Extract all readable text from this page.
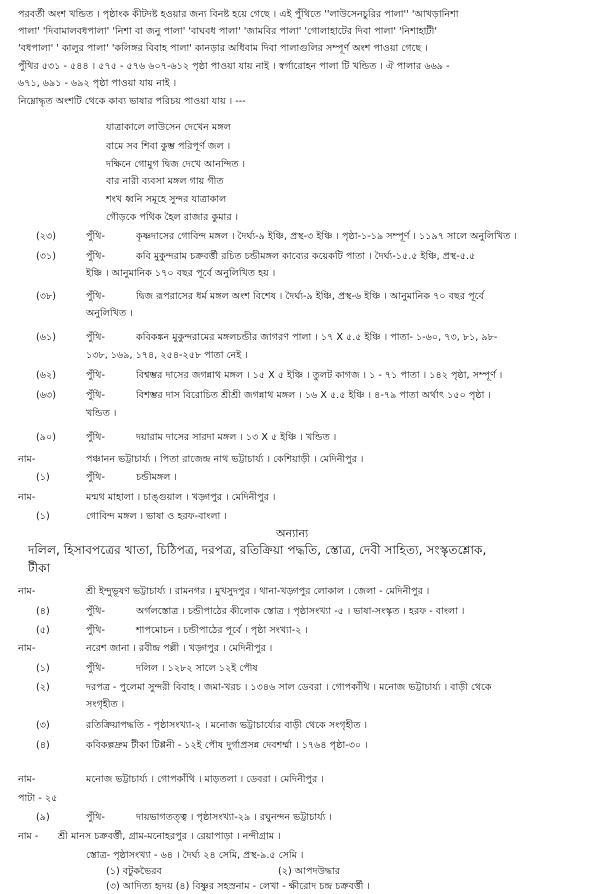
পরবর্তী অংশ খন্ডিত । পৃষ্ঠাংক কীটদষ্ট হওয়ার জন্য বিনষ্ট হয়ে গেছে । এই পুঁথিতে ''লাউসেনচুরির পালা'' 'আখড়ানিশা
পালা' 'দিবামালবধপালা' 'নিশা বা জনু পালা' 'বাঘবধ পালা' 'জামবির পালা' 'গোলাহাটের দিবা পালা' 'নিশাহাট়ী'
'বধপালা' ' কালুর পালা' 'কলিঙ্গর বিবাহ পালা' কানড়ার অধিবাম দিবা পালাগুলির সম্পূর্ণ অংশ পাওয়া গেছে ।
পুঁথির ৫৩১ - ৫৪৪ । ৫৭৫ - ৫৭৬ ৬০৭-৬১২ পৃষ্ঠা পাওয়া যায় নাই । স্বর্গারোহন পালা টি খন্ডিত । ঐ পালার ৬৬৯ -
৬৭১, ৬৯১ - ৬৯২ পৃষ্ঠা পাওয়া যায় নাই ।
নিম্নোদ্ধৃত অংশটি থেকে কাব্য ভাষার পরিচয় পাওয়া যায় । ---
যাত্রাকালে লাউসেন দেখেন মঙ্গল
বামে সব শিবা কুম্ভ পরিপূর্ণ জল ।
দক্ষিনে গোমুগ দ্বিজ দেখে আনন্দিত ।
বার নারী ব্যবসা মঙ্গল গায় গীত
শংখ ধ্বনি সমূহে সুন্দর যাত্রাকাল
গৌড়কে পথিক হৈল রাজার কুমার ।
(২৩)	পুঁথি-	কৃষ্ণদাসের গোবিন্দ মঙ্গল । দৈর্ঘ্য-৯ ইঞ্চি, প্রস্থ-৩ ইঞ্চি । পৃষ্ঠা-১-১৯ সম্পূর্ণ । ১১৯৭ সালে অনুলিখিত ।
(৩১)	পুঁথি-	কবি মুকুন্দরাম চক্রবর্ত্তী রচিত চন্ডীমঙ্গল কাব্যের কয়েকটি পাতা । দৈর্ঘ্য-১৫.৫ ইঞ্চি, প্রস্থ-৫.৫
ইঞ্চি । আনুমানিক ১৭০ বছর পূর্বে অনুলিখিত হয় ।
(৩৮)	পুঁথি-	দ্বিজ রূপরাসের ধর্ম মঙ্গল অংশ বিশেষ । দৈর্ঘ্য-৯ ইঞ্চি, প্রস্থ-৬ ইঞ্চি । আনুমানিক ৭০ বছর পূর্বে
অনুলিখিত ।
(৬১)	পুঁথি-	কবিকঙ্কন মুকুন্দরামের মঙ্গলচন্ডীর জাগরণ পালা । ১৭ X ৫.৫ ইঞ্চি । পাতা- ১-৬০, ৭৩, ৮১, ৯৮-
১৩৮, ১৬৯, ১৭৪, ২৫৪-২৫৮ পাতা নেই ।
(৬২)	পুঁথি-	বিশ্বম্ভর দাসের জগন্নাথ মঙ্গল । ১৫ X ৫ ইঞ্চি । তুলট কাগজ । ১ - ৭১ পাতা । ১৪২ পৃষ্ঠা, সম্পূর্ণ ।
(৬৩)	পুঁথি-	বিশম্ভর দাস বিরোচিত শ্রীশ্রী জগন্নাথ মঙ্গল । ১৬ X ৫.৫ ইঞ্চি । ৪-৭৯ পাতা অর্থাৎ ১৫০ পৃষ্ঠা ।
খন্ডিত ।
(৯০)	পুঁথি-	দয়ারাম দাসের সারদা মঙ্গল । ১৩ X ৫ ইঞ্চি । খন্ডিত ।
নাম-	পঞ্চানন ভট্টাচার্য্য । পিতা রাজেন্দ্র নাথ ভট্টাচার্য্য । কেশিয়াড়ী । মেদিনীপুর ।
(১)	পুঁথি-	চন্ডীমঙ্গল ।
নাম-	মন্মথ মাহালা । চাঙ্গুয়াল । খড়্গপুর । মেদিনীপুর ।
(১)	গোবিন্দ মঙ্গল । ভাষা ও হরফ-বাংলা ।
অন্যান্য
দলিল, হিসাবপত্রের খাতা, চিঠিপত্র, দরপত্র, রতিক্রিয়া পদ্ধতি, স্তোত্র, দেবী সাহিত্য, সংস্কৃতশ্লোক,
টীকা
নাম-	শ্রী ইন্দুভূষণ ভট্টাচার্য্য । রামনগর । মুখসুদপুর । থানা-খড়্গপুর লোকাল । জেলা - মেদিনীপুর ।
(৪)	পুঁথি-	অর্গলস্তোত্র । চন্ডীপাঠের কীলোক স্তোত্র । পৃষ্ঠাসংখ্যা -৫ । ভাষা-সংস্কৃত । হরফ - বাংলা ।
(৫)	পুঁথি-	শাপমোচন । চন্ডীপাঠের পূর্বে । পৃষ্ঠা সংখ্যা-২ ।
নাম-	নরেশ জানা । রবীন্দ্র পল্লী । খড়্গপুর । মেদিনীপুর ।
(১)	পুঁথি-	দলিল । ১২৮২ সালে ১২ই পৌষ
(২)	দরপত্র - পুলেমা সুন্দরী বিবাহ । জমা-খরচ । ১৩৪৬ সাল ডেবরা । গোপকাঁথি । মনোজ ভট্টাচার্য্য । বাড়ী থেকে
সংগৃহীত ।
(৩)	রতিক্রিয়াপদ্ধতি - পৃষ্ঠাসংখ্যা-২ । মনোজ ভট্টাচার্য্যের বাড়ী থেকে সংগৃহীত ।
(৪)	কবিকল্পদ্রুম টীকা টিপ্পনী - ১২ই পৌষ দুর্গাপ্রসন্ন দেবশর্ম্মা । ১৭৬৪ পৃষ্ঠা-৩০ ।
নাম-	মনোজ ভট্টাচার্য্য । গোপকাঁথি । মাড়তলা । ডেবরা । মেদিনীপুর ।
পাটা - ২৫
(৯)	পুঁথি-	দায়ভাগতত্ত্ব । পৃষ্ঠাসংখ্যা-২৯ । রঘুনন্দন ভট্টাচার্য্য ।
নাম - শ্রী মানস চক্রবর্ত্তী, গ্রাম-মনোহরপুর । রেয়াপাড়া । নন্দীগ্রাম ।
স্তোত্র- পৃষ্ঠাসংখ্যা - ৬৪ । দৈর্ঘ্য ২৪ সেমি, প্রস্থ-৯.৫ সেমি ।
(১) বটুকভৈরব	(২) আপদউদ্ধার
(৩) আদিত্য হৃদয় (৪) বিষ্ণুর সহস্রনাম - লেখা - ক্ষীরোদ চন্দ্র চক্রবর্ত্তী ।
